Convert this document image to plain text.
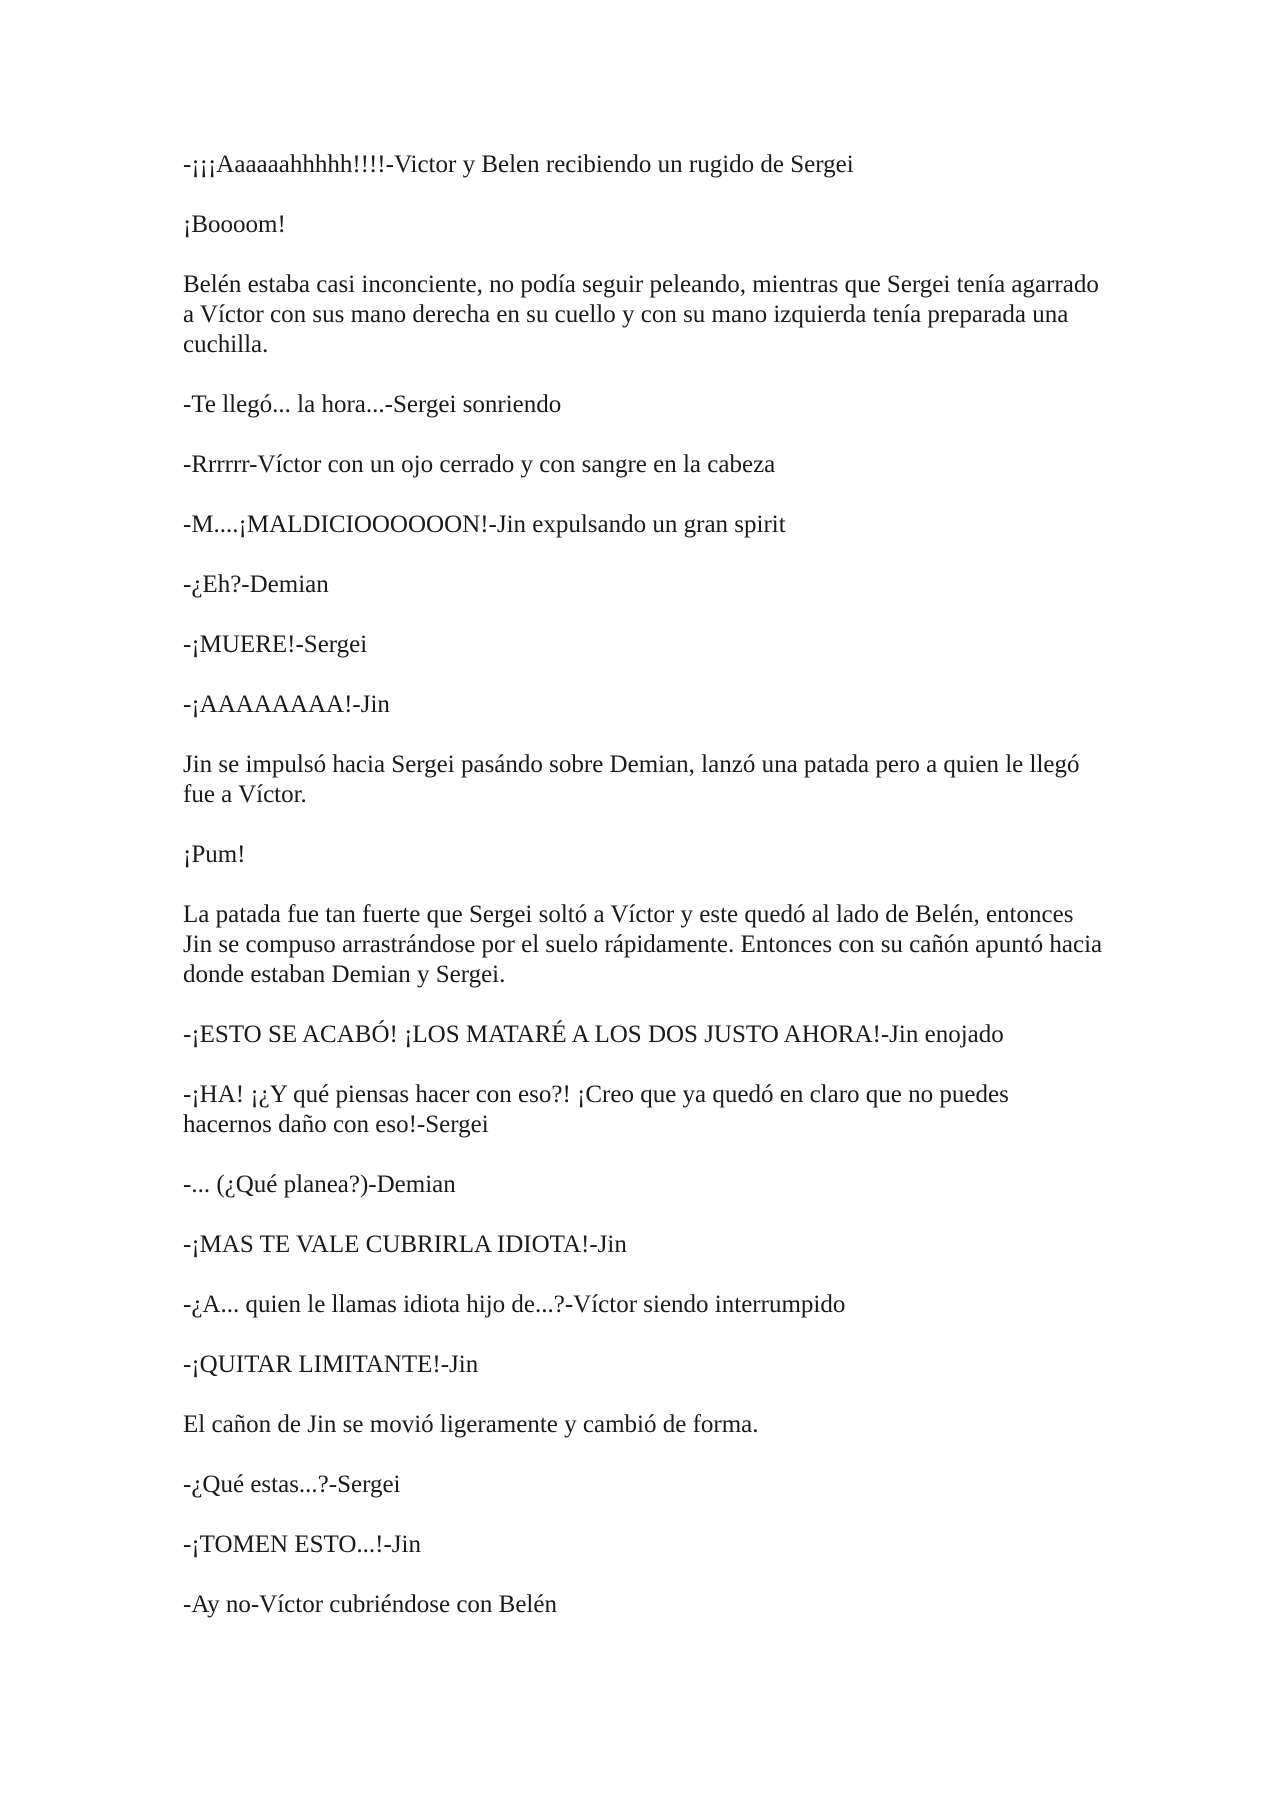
-¡¡¡Aaaaaahhhhh!!!!-Victor y Belen recibiendo un rugido de Sergei

¡Boooom!

Belén estaba casi inconciente, no podía seguir peleando, mientras que Sergei tenía agarrado a Víctor con sus mano derecha en su cuello y con su mano izquierda tenía preparada una cuchilla.

-Te llegó... la hora...-Sergei sonriendo

-Rrrrrr-Víctor con un ojo cerrado y con sangre en la cabeza

-M....¡MALDICIOOOOOON!-Jin expulsando un gran spirit

-¿Eh?-Demian

-¡MUERE!-Sergei

-¡AAAAAAAA!-Jin

Jin se impulsó hacia Sergei pasándo sobre Demian, lanzó una patada pero a quien le llegó fue a Víctor.

¡Pum!

La patada fue tan fuerte que Sergei soltó a Víctor y este quedó al lado de Belén, entonces Jin se compuso arrastrándose por el suelo rápidamente. Entonces con su cañón apuntó hacia donde estaban Demian y Sergei.

-¡ESTO SE ACABÓ! ¡LOS MATARÉ A LOS DOS JUSTO AHORA!-Jin enojado

-¡HA! ¡¿Y qué piensas hacer con eso?! ¡Creo que ya quedó en claro que no puedes hacernos daño con eso!-Sergei

-... (¿Qué planea?)-Demian

-¡MAS TE VALE CUBRIRLA IDIOTA!-Jin

-¿A... quien le llamas idiota hijo de...?-Víctor siendo interrumpido

-¡QUITAR LIMITANTE!-Jin

El cañon de Jin se movió ligeramente y cambió de forma.

-¿Qué estas...?-Sergei

-¡TOMEN ESTO...!-Jin

-Ay no-Víctor cubriéndose con Belén
